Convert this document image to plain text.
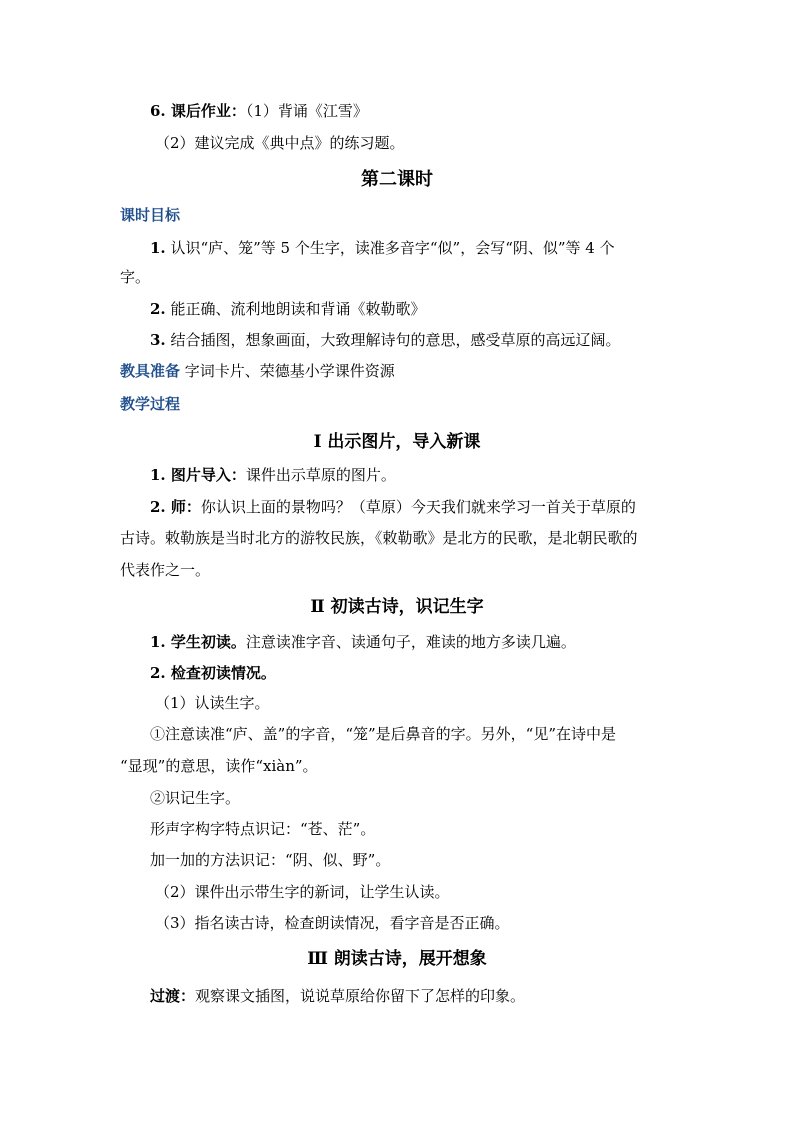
6. 课后作业：（1）背诵《江雪》
（2）建议完成《典中点》的练习题。
第二课时
课时目标
1. 认识“庐、笼”等 5 个生字，读准多音字“似”，会写“阴、似”等 4 个
字。
2. 能正确、流利地朗读和背诵《敕勒歌》
3. 结合插图，想象画面，大致理解诗句的意思，感受草原的高远辽阔。
教具准备 字词卡片、荣德基小学课件资源
教学过程
Ⅰ 出示图片，导入新课
1. 图片导入：课件出示草原的图片。
2. 师：你认识上面的景物吗？（草原）今天我们就来学习一首关于草原的
古诗。敕勒族是当时北方的游牧民族，《敕勒歌》是北方的民歌，是北朝民歌的
代表作之一。
Ⅱ 初读古诗，识记生字
1. 学生初读。注意读准字音、读通句子，难读的地方多读几遍。
2. 检查初读情况。
（1）认读生字。
①注意读准“庐、盖”的字音，“笼”是后鼻音的字。另外，“见”在诗中是
“显现”的意思，读作“xiàn”。
②识记生字。
形声字构字特点识记：“苍、茫”。
加一加的方法识记：“阴、似、野”。
（2）课件出示带生字的新词，让学生认读。
（3）指名读古诗，检查朗读情况，看字音是否正确。
Ⅲ 朗读古诗，展开想象
过渡：观察课文插图，说说草原给你留下了怎样的印象。
